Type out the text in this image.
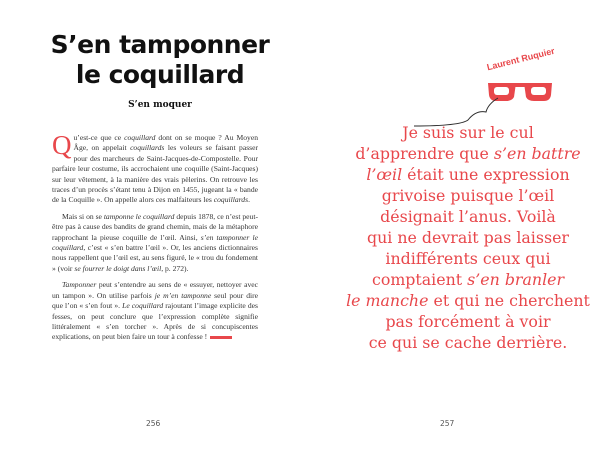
S’en tamponner
le coquillard
S’en moquer

Qu’est-ce que ce coquillard dont on se moque ? Au Moyen Âge, on appelait coquillards les voleurs se faisant passer pour des marcheurs de Saint-Jacques-de-Compostelle. Pour parfaire leur costume, ils accrochaient une coquille (Saint-Jacques) sur leur vêtement, à la manière des vrais pèlerins. On retrouve les traces d’un procès s’étant tenu à Dijon en 1455, jugeant la « bande de la Coquille ». On appelle alors ces malfaiteurs les coquillards.

Mais si on se tamponne le coquillard depuis 1878, ce n’est peut-être pas à cause des bandits de grand chemin, mais de la métaphore rapprochant la pieuse coquille de l’œil. Ainsi, s’en tamponner le coquillard, c’est « s’en battre l’œil ». Or, les anciens dictionnaires nous rappellent que l’œil est, au sens figuré, le « trou du fondement » (voir se fourrer le doigt dans l’œil, p. 272).

Tamponner peut s’entendre au sens de « essuyer, nettoyer avec un tampon ». On utilise parfois je m’en tamponne seul pour dire que l’on « s’en fout ». Le coquillard rajoutant l’image explicite des fesses, on peut conclure que l’expression complète signifie littéralement « s’en torcher ». Après de si concupiscentes explications, on peut bien faire un tour à confesse !

256
Laurent Ruquier
Je suis sur le cul
d’apprendre que s’en battre
l’œil était une expression
grivoise puisque l’œil
désignait l’anus. Voilà
qui ne devrait pas laisser
indifférents ceux qui
comptaient s’en branler
le manche et qui ne cherchent
pas forcément à voir
ce qui se cache derrière.
257
